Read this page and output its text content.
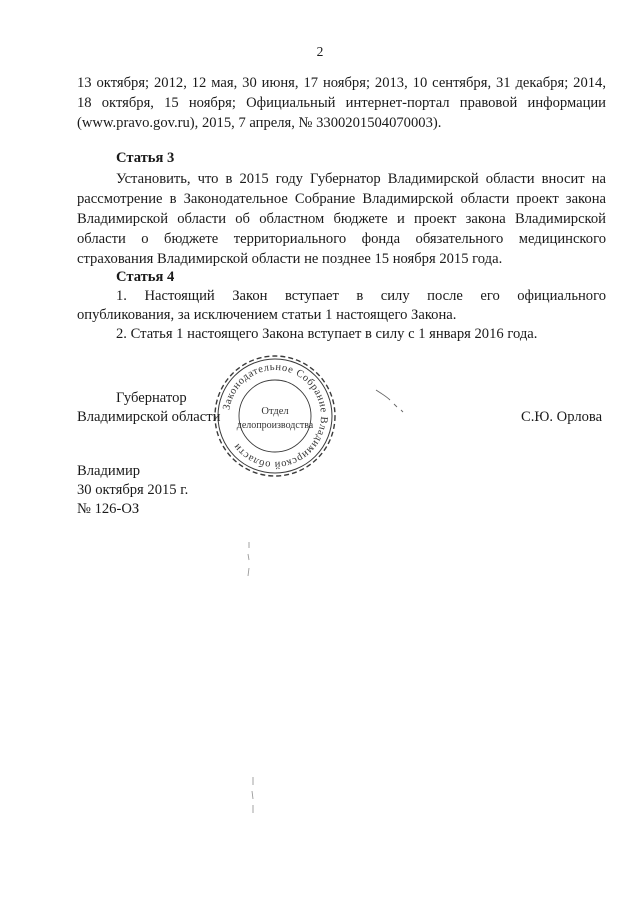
2
13 октября; 2012, 12 мая, 30 июня, 17 ноября; 2013, 10 сентября, 31 декабря; 2014,
18 октября, 15 ноября; Официальный интернет-портал правовой информации
(www.pravo.gov.ru), 2015, 7 апреля, № 3300201504070003).
Статья 3
Установить, что в 2015 году Губернатор Владимирской области вносит на
рассмотрение в Законодательное Собрание Владимирской области проект закона
Владимирской области об областном бюджете и проект закона Владимирской
области о бюджете территориального фонда обязательного медицинского
страхования Владимирской области не позднее 15 ноября 2015 года.
Статья 4
1. Настоящий Закон вступает в силу после его официального
опубликования, за исключением статьи 1 настоящего Закона.
2. Статья 1 настоящего Закона вступает в силу с 1 января 2016 года.
Губернатор
Владимирской области	С.Ю. Орлова
Законодательное Собрание Владимирской области
Отдел
делопроизводства
Владимир
30 октября 2015 г.
№ 126-ОЗ
